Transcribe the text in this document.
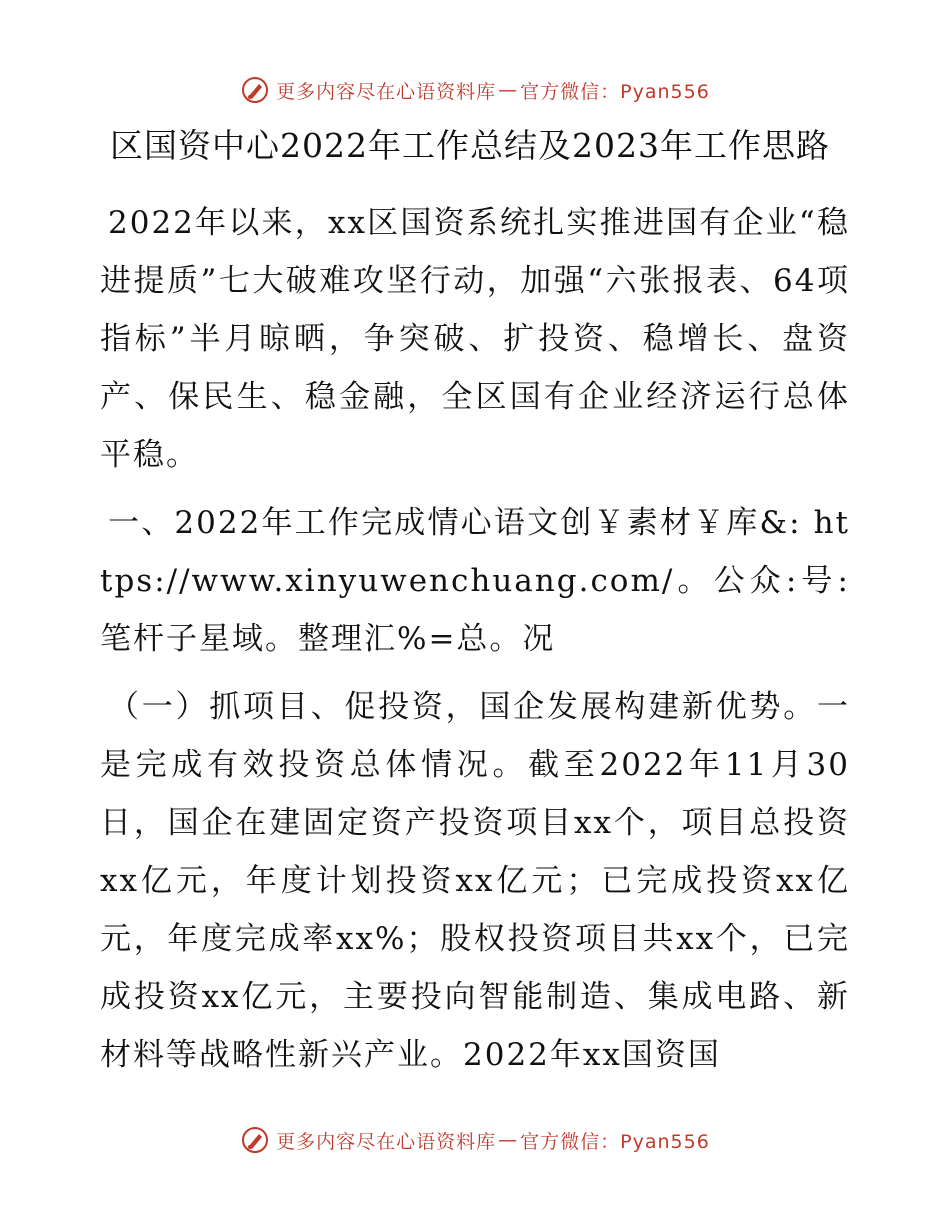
更多内容尽在心语资料库 — 官方微信：Pyan556
区国资中心2022年工作总结及2023年工作思路

2022年以来，xx区国资系统扎实推进国有企业“稳进提质”七大破难攻坚行动，加强“六张报表、64项指标”半月晾晒，争突破、扩投资、稳增长、盘资产、保民生、稳金融，全区国有企业经济运行总体平稳。

一、2022年工作完成情心语文创￥素材￥库&: https://www.xinyuwenchuang.com/。公众:号: 笔杆子星域。整理汇%=总。况

（一）抓项目、促投资，国企发展构建新优势。一是完成有效投资总体情况。截至2022年11月30日，国企在建固定资产投资项目xx个，项目总投资xx亿元，年度计划投资xx亿元；已完成投资xx亿元，年度完成率xx%；股权投资项目共xx个，已完成投资xx亿元，主要投向智能制造、集成电路、新材料等战略性新兴产业。2022年xx国资国

更多内容尽在心语资料库 — 官方微信：Pyan556
